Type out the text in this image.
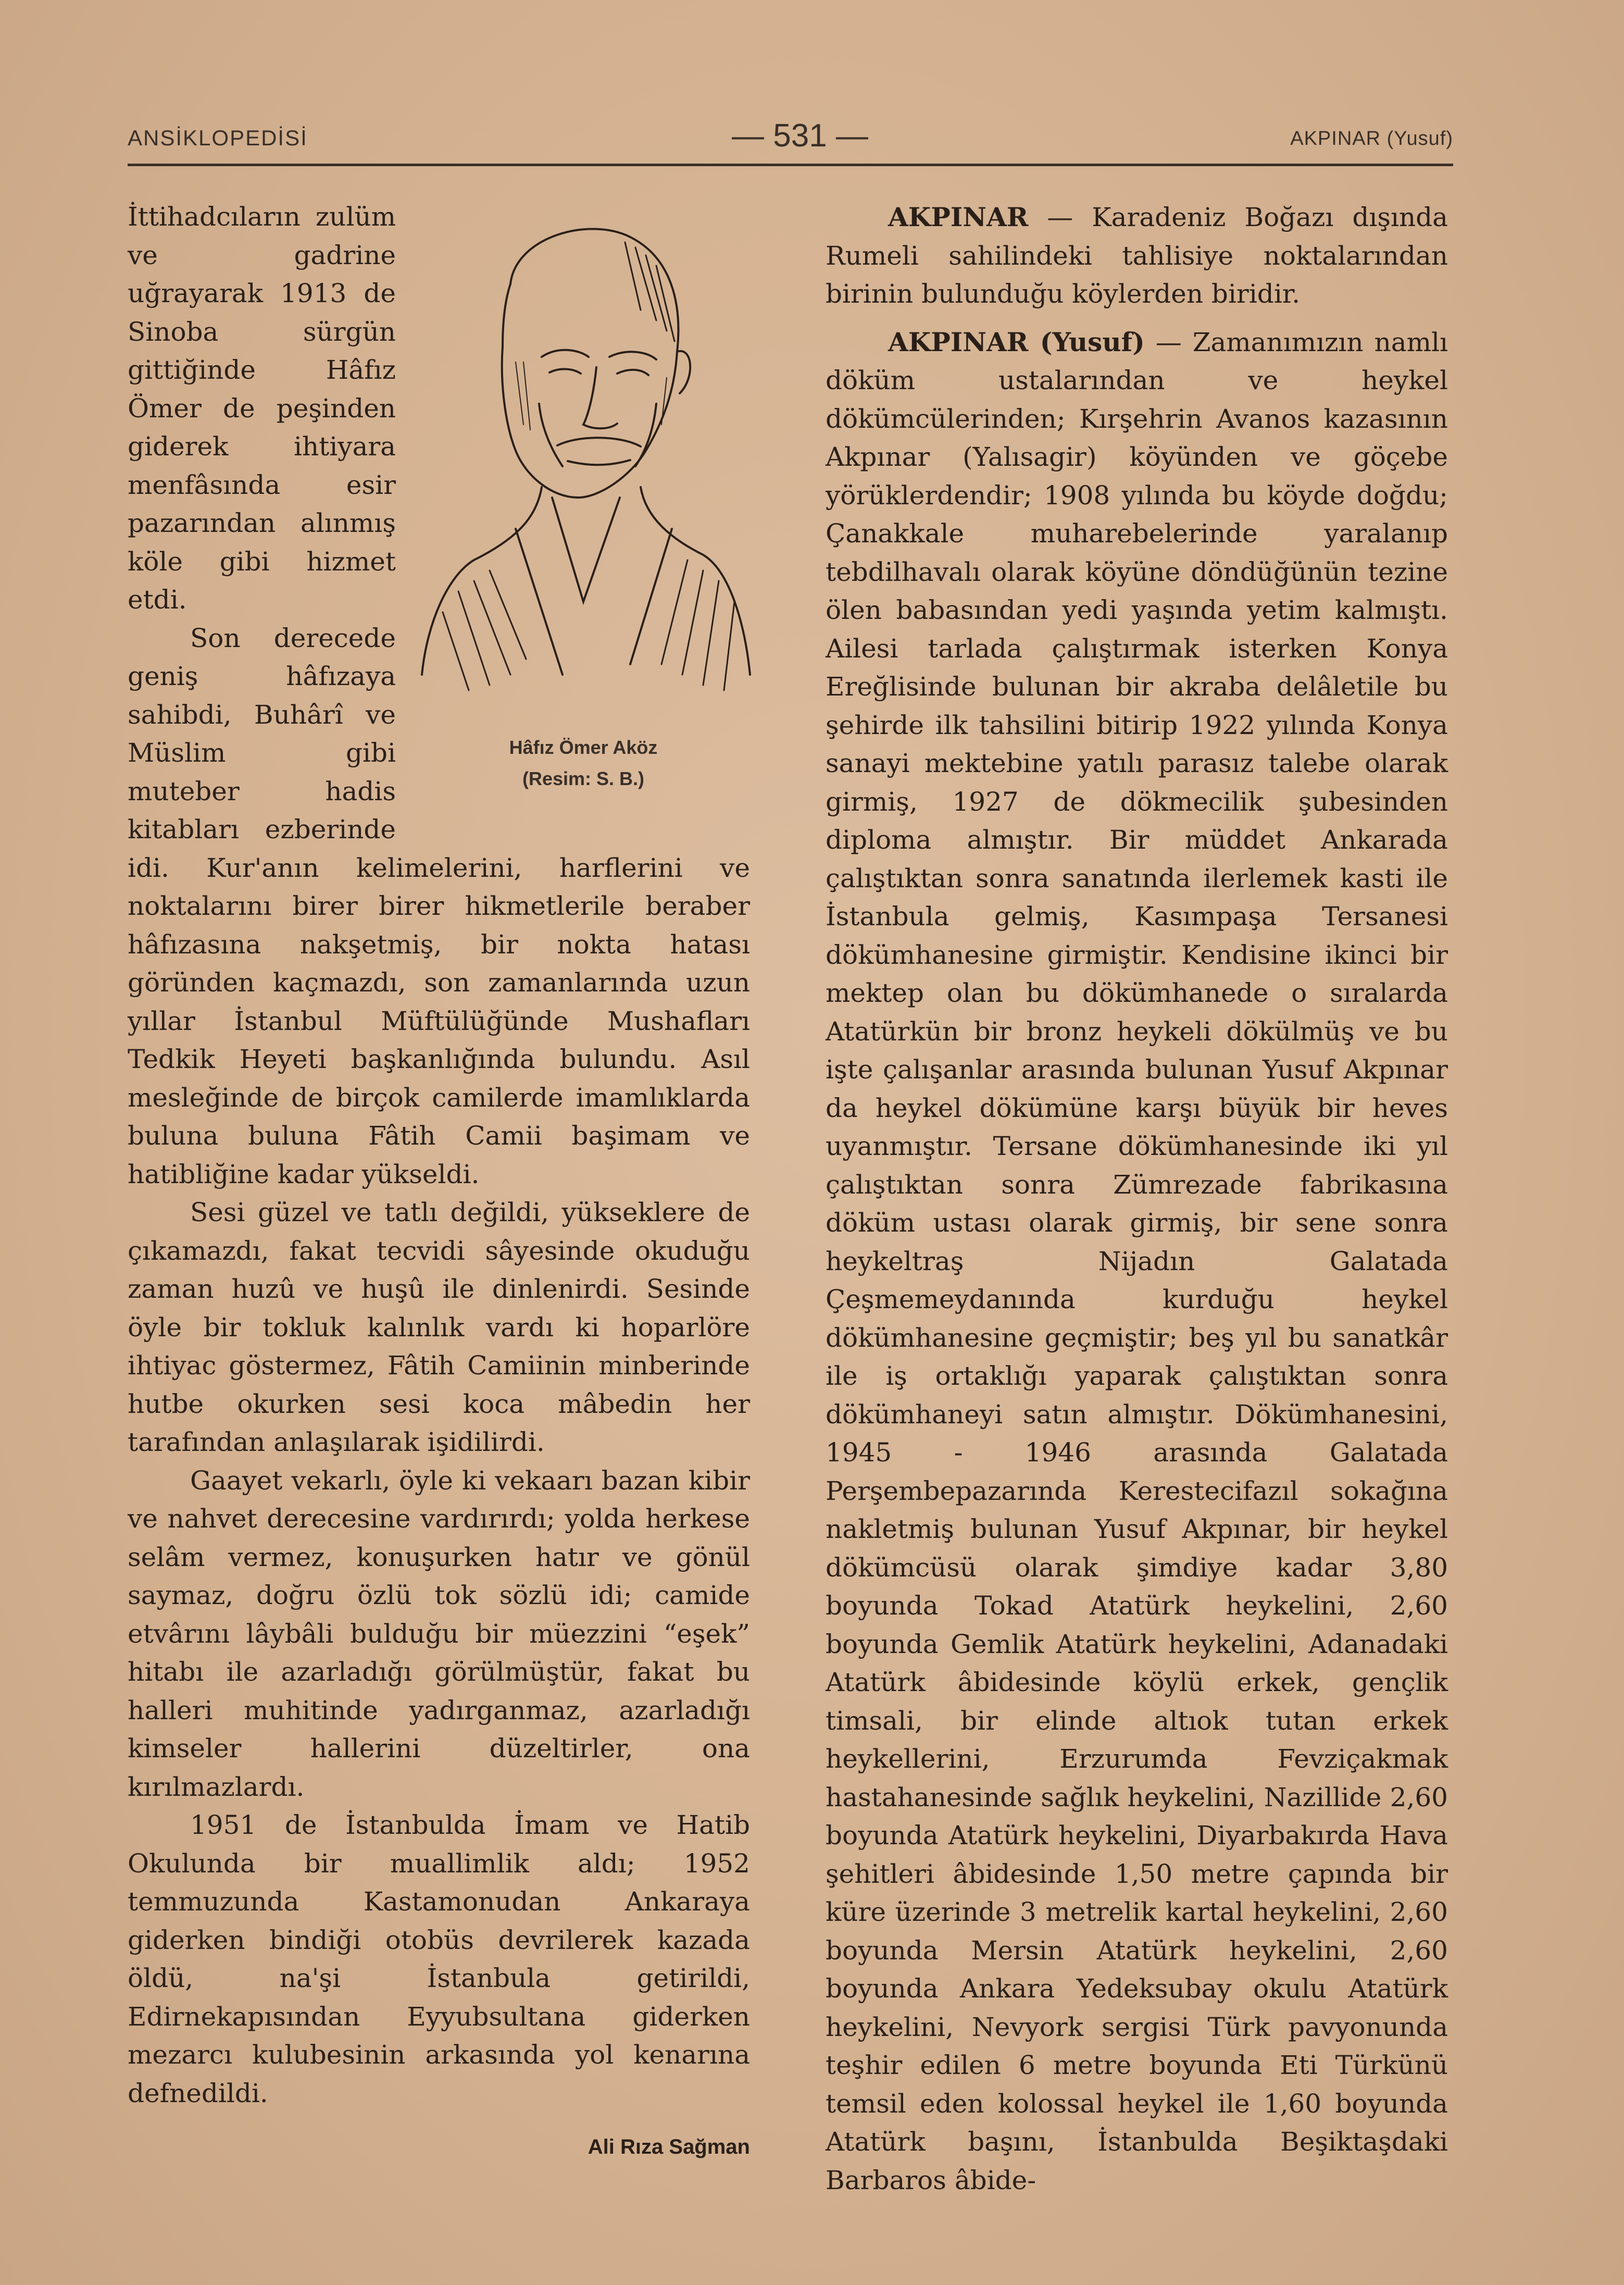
ANSİKLOPEDİSİ	— 531 —	AKPINAR (Yusuf)
Hâfız Ömer Aköz
(Resim: S. B.)

İttihadcıların zulüm ve gadrine uğrayarak 1913 de Sinoba sürgün gittiğinde Hâfız Ömer de peşinden giderek ihtiyara menfâsında esir pazarından alınmış köle gibi hizmet etdi.

Son derecede geniş hâfızaya sahibdi, Buhârî ve Müslim gibi muteber hadis kitabları ezberinde idi. Kur'anın kelimelerini, harflerini ve noktalarını birer birer hikmetlerile beraber hâfızasına nakşetmiş, bir nokta hatası göründen kaçmazdı, son zamanlarında uzun yıllar İstanbul Müftülüğünde Mushafları Tedkik Heyeti başkanlığında bulundu. Asıl mesleğinde de birçok camilerde imamlıklarda buluna buluna Fâtih Camii başimam ve hatibliğine kadar yükseldi.

Sesi güzel ve tatlı değildi, yükseklere de çıkamazdı, fakat tecvidi sâyesinde okuduğu zaman huzû ve huşû ile dinlenirdi. Sesinde öyle bir tokluk kalınlık vardı ki hoparlöre ihtiyac göstermez, Fâtih Camiinin minberinde hutbe okurken sesi koca mâbedin her tarafından anlaşılarak işidilirdi.

Gaayet vekarlı, öyle ki vekaarı bazan kibir ve nahvet derecesine vardırırdı; yolda herkese selâm vermez, konuşurken hatır ve gönül saymaz, doğru özlü tok sözlü idi; camide etvârını lâybâli bulduğu bir müezzini “eşek” hitabı ile azarladığı görülmüştür, fakat bu halleri muhitinde yadırganmaz, azarladığı kimseler hallerini düzeltirler, ona kırılmazlardı.

1951 de İstanbulda İmam ve Hatib Okulunda bir muallimlik aldı; 1952 temmuzunda Kastamonudan Ankaraya giderken bindiği otobüs devrilerek kazada öldü, na'şi İstanbula getirildi, Edirnekapısından Eyyubsultana giderken mezarcı kulubesinin arkasında yol kenarına defnedildi.

Ali Rıza Sağman

AKPINAR — Karadeniz Boğazı dışında Rumeli sahilindeki tahlisiye noktalarından birinin bulunduğu köylerden biridir.

AKPINAR (Yusuf) — Zamanımızın namlı döküm ustalarından ve heykel dökümcülerinden; Kırşehrin Avanos kazasının Akpınar (Yalısagir) köyünden ve göçebe yörüklerdendir; 1908 yılında bu köyde doğdu; Çanakkale muharebelerinde yaralanıp tebdilhavalı olarak köyüne döndüğünün tezine ölen babasından yedi yaşında yetim kalmıştı. Ailesi tarlada çalıştırmak isterken Konya Ereğlisinde bulunan bir akraba delâletile bu şehirde ilk tahsilini bitirip 1922 yılında Konya sanayi mektebine yatılı parasız talebe olarak girmiş, 1927 de dökmecilik şubesinden diploma almıştır. Bir müddet Ankarada çalıştıktan sonra sanatında ilerlemek kasti ile İstanbula gelmiş, Kasımpaşa Tersanesi dökümhanesine girmiştir. Kendisine ikinci bir mektep olan bu dökümhanede o sıralarda Atatürkün bir bronz heykeli dökülmüş ve bu işte çalışanlar arasında bulunan Yusuf Akpınar da heykel dökümüne karşı büyük bir heves uyanmıştır. Tersane dökümhanesinde iki yıl çalıştıktan sonra Zümrezade fabrikasına döküm ustası olarak girmiş, bir sene sonra heykeltraş Nijadın Galatada Çeşmemeydanında kurduğu heykel dökümhanesine geçmiştir; beş yıl bu sanatkâr ile iş ortaklığı yaparak çalıştıktan sonra dökümhaneyi satın almıştır. Dökümhanesini, 1945 - 1946 arasında Galatada Perşembepazarında Kerestecifazıl sokağına nakletmiş bulunan Yusuf Akpınar, bir heykel dökümcüsü olarak şimdiye kadar 3,80 boyunda Tokad Atatürk heykelini, 2,60 boyunda Gemlik Atatürk heykelini, Adanadaki Atatürk âbidesinde köylü erkek, gençlik timsali, bir elinde altıok tutan erkek heykellerini, Erzurumda Fevziçakmak hastahanesinde sağlık heykelini, Nazillide 2,60 boyunda Atatürk heykelini, Diyarbakırda Hava şehitleri âbidesinde 1,50 metre çapında bir küre üzerinde 3 metrelik kartal heykelini, 2,60 boyunda Mersin Atatürk heykelini, 2,60 boyunda Ankara Yedeksubay okulu Atatürk heykelini, Nevyork sergisi Türk pavyonunda teşhir edilen 6 metre boyunda Eti Türkünü temsil eden kolossal heykel ile 1,60 boyunda Atatürk başını, İstanbulda Beşiktaşdaki Barbaros âbide-
